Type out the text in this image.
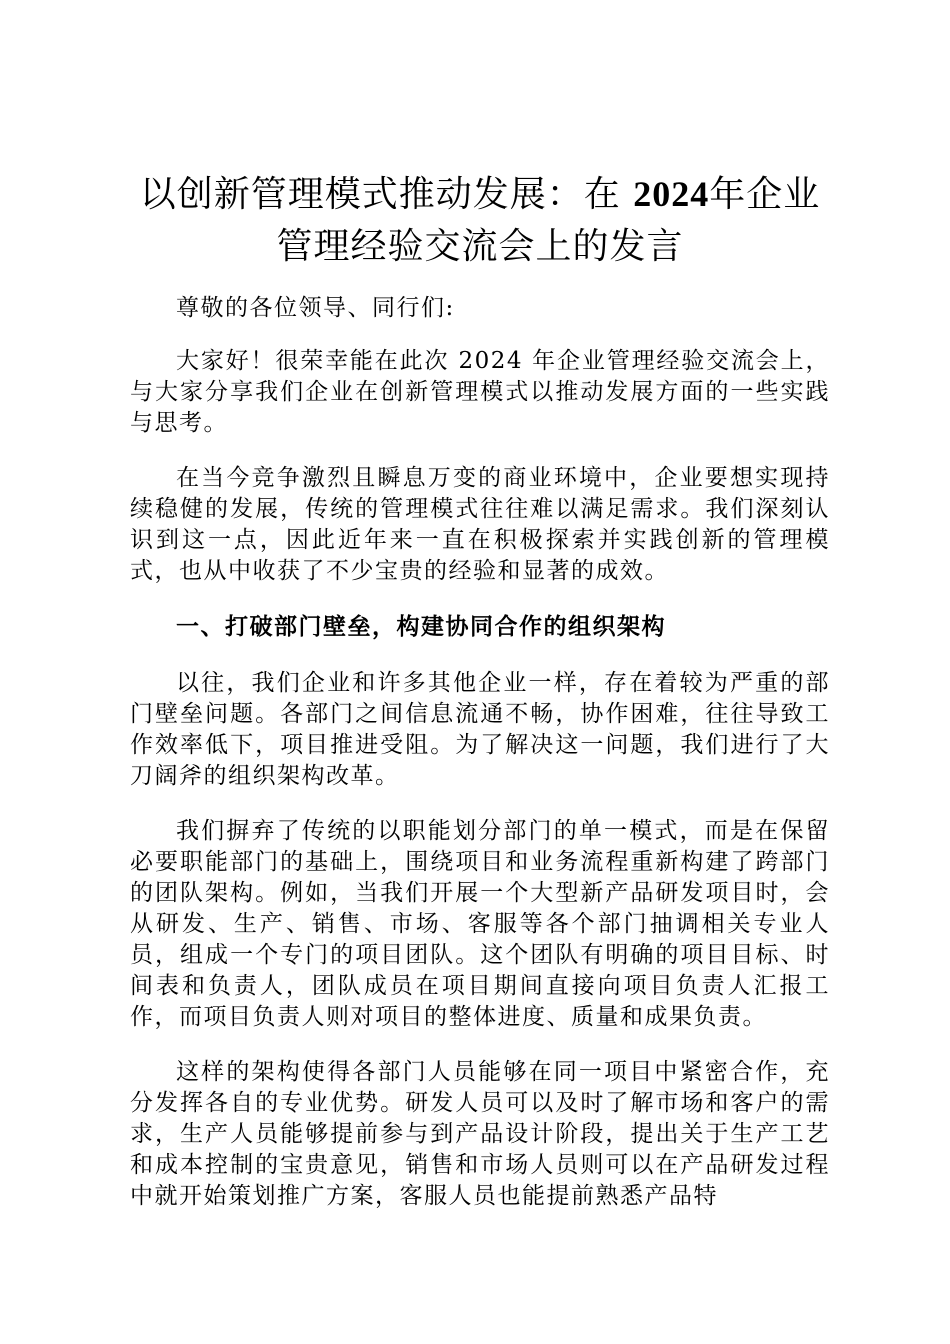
以创新管理模式推动发展：在 2024年企业管理经验交流会上的发言

尊敬的各位领导、同行们:

大家好！很荣幸能在此次 2024 年企业管理经验交流会上，与大家分享我们企业在创新管理模式以推动发展方面的一些实践与思考。

在当今竞争激烈且瞬息万变的商业环境中，企业要想实现持续稳健的发展，传统的管理模式往往难以满足需求。我们深刻认识到这一点，因此近年来一直在积极探索并实践创新的管理模式，也从中收获了不少宝贵的经验和显著的成效。

一、打破部门壁垒，构建协同合作的组织架构

以往，我们企业和许多其他企业一样，存在着较为严重的部门壁垒问题。各部门之间信息流通不畅，协作困难，往往导致工作效率低下，项目推进受阻。为了解决这一问题，我们进行了大刀阔斧的组织架构改革。

我们摒弃了传统的以职能划分部门的单一模式，而是在保留必要职能部门的基础上，围绕项目和业务流程重新构建了跨部门的团队架构。例如，当我们开展一个大型新产品研发项目时，会从研发、生产、销售、市场、客服等各个部门抽调相关专业人员，组成一个专门的项目团队。这个团队有明确的项目目标、时间表和负责人，团队成员在项目期间直接向项目负责人汇报工作，而项目负责人则对项目的整体进度、质量和成果负责。

这样的架构使得各部门人员能够在同一项目中紧密合作，充分发挥各自的专业优势。研发人员可以及时了解市场和客户的需求，生产人员能够提前参与到产品设计阶段，提出关于生产工艺和成本控制的宝贵意见，销售和市场人员则可以在产品研发过程中就开始策划推广方案，客服人员也能提前熟悉产品特
